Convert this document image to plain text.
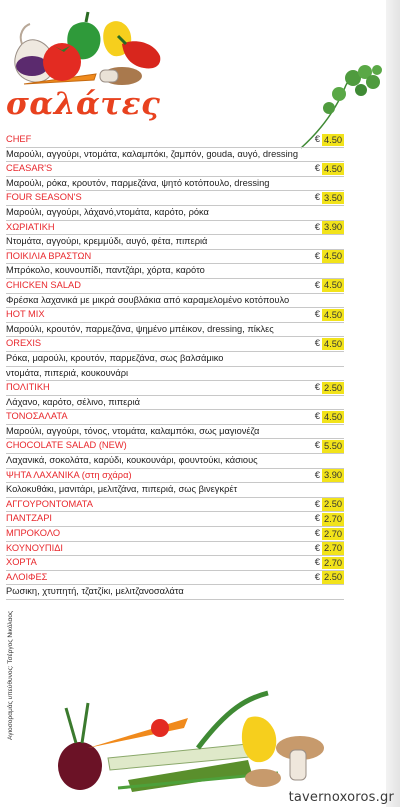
σαλάτες
CHEF	€ 4.50
Μαρούλι, αγγούρι, ντομάτα, καλαμπόκι, ζαμπόν, gouda, αυγό, dressing
CEASAR'S	€ 4.50
Μαρούλι, ρόκα, κρουτόν, παρμεζάνα, ψητό κοτόπουλο, dressing
FOUR SEASON'S	€ 3.50
Μαρούλι, αγγούρι, λάχανό,ντομάτα, καρότο, ρόκα
ΧΩΡΙΑΤΙΚΗ	€ 3.90
Ντομάτα, αγγούρι, κρεμμύδι, αυγό, φέτα, πιπεριά
ΠΟΙΚΙΛΙΑ ΒΡΑΣΤΩΝ	€ 4.50
Μπρόκολο, κουνουπίδι, παντζάρι, χόρτα, καρότο
CHICKEN SALAD	€ 4.50
Φρέσκα λαχανικά με μικρά σουβλάκια από καραμελομένο κοτόπουλο
HOT MIX	€ 4.50
Μαρούλι, κρουτόν, παρμεζάνα, ψημένο μπέικον, dressing, πίκλες
OREXIS	€ 4.50
Ρόκα, μαρούλι, κρουτόν, παρμεζάνα, σως βαλσάμικο
ντομάτα, πιπεριά, κουκουνάρι
ΠΟΛΙΤΙΚΗ	€ 2.50
Λάχανο, καρότο, σέλινο, πιπεριά
ΤΟΝΟΣΑΛΑΤΑ	€ 4.50
Μαρούλι, αγγούρι, τόνος, ντομάτα, καλαμπόκι, σως μαγιονέζα
CHOCOLATE SALAD (NEW)	€ 5.50
Λαχανικά, σοκολάτα, καρύδι, κουκουνάρι, φουντούκι, κάσιους
ΨΗΤΑ ΛΑΧΑΝΙΚΑ (στη σχάρα)	€ 3.90
Κολοκυθάκι, μανιτάρι, μελιτζάνα, πιπεριά, σως βινεγκρέτ
ΑΓΓΟΥΡΟΝΤΟΜΑΤΑ	€ 2.50
ΠΑΝΤΖΑΡΙ	€ 2.70
ΜΠΡΟΚΟΛΟ	€ 2.70
ΚΟΥΝΟΥΠΙΔΙ	€ 2.70
ΧΟΡΤΑ	€ 2.70
ΑΛΟΙΦΕΣ	€ 2.50
Ρωσικη, χτυπητή, τζατζίκι, μελιτζανοσαλάτα
Αγιοσοραμάς υπεύθυνος: Τσέργος Νικόλαος
tavernoxoros.gr
